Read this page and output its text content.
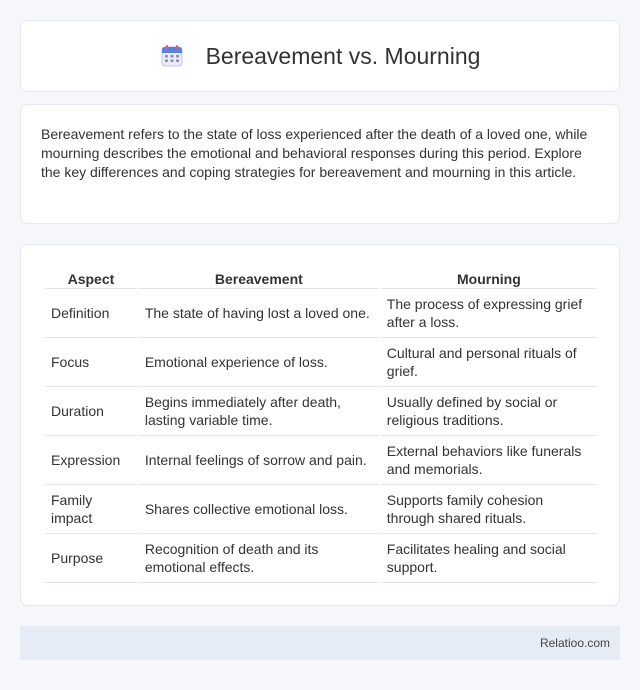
Bereavement vs. Mourning

Bereavement refers to the state of loss experienced after the death of a loved one, while mourning describes the emotional and behavioral responses during this period. Explore the key differences and coping strategies for bereavement and mourning in this article.

Aspect	Bereavement	Mourning
Definition	The state of having lost a loved one.	The process of expressing grief after a loss.
Focus	Emotional experience of loss.	Cultural and personal rituals of grief.
Duration	Begins immediately after death, lasting variable time.	Usually defined by social or religious traditions.
Expression	Internal feelings of sorrow and pain.	External behaviors like funerals and memorials.
Family impact	Shares collective emotional loss.	Supports family cohesion through shared rituals.
Purpose	Recognition of death and its emotional effects.	Facilitates healing and social support.
Relatioo.com
